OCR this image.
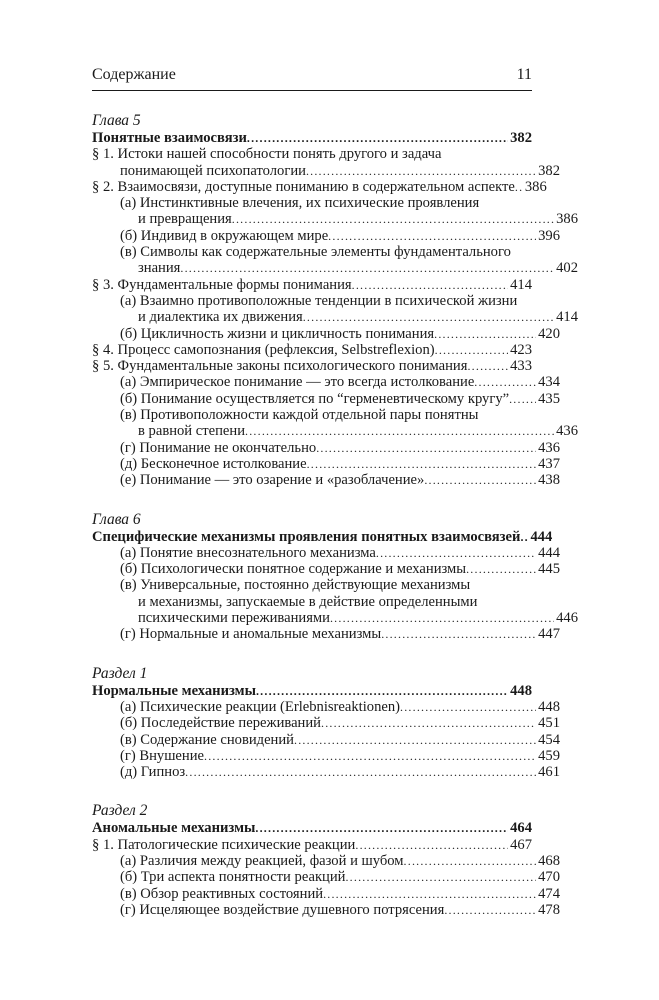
Содержание	11
Глава 5
Понятные взаимосвязи .....	382
§ 1. Истоки нашей способности понять другого и задача
понимающей психопатологии .....	382
§ 2. Взаимосвязи, доступные пониманию в содержательном аспекте ..... 386
(а) Инстинктивные влечения, их психические проявления
и превращения .....	386
(б) Индивид в окружающем мире .....	396
(в) Символы как содержательные элементы фундаментального
знания .....	402
§ 3. Фундаментальные формы понимания .....	414
(а) Взаимно противоположные тенденции в психической жизни
и диалектика их движения .....	414
(б) Цикличность жизни и цикличность понимания .....	420
§ 4. Процесс самопознания (рефлексия, Selbstreflexion) .....	423
§ 5. Фундаментальные законы психологического понимания .....	433
(а) Эмпирическое понимание — это всегда истолкование .....	434
(б) Понимание осуществляется по “герменевтическому кругу” ..... 435
(в) Противоположности каждой отдельной пары понятны
в равной степени .....	436
(г) Понимание не окончательно .....	436
(д) Бесконечное истолкование .....	437
(е) Понимание — это озарение и «разоблачение» .....	438
Глава 6
Специфические механизмы проявления понятных взаимосвязей ..... 444
(а) Понятие внесознательного механизма .....	444
(б) Психологически понятное содержание и механизмы .....	445
(в) Универсальные, постоянно действующие механизмы
и механизмы, запускаемые в действие определенными
психическими переживаниями .....	446
(г) Нормальные и аномальные механизмы .....	447
Раздел 1
Нормальные механизмы .....	448
(а) Психические реакции (Erlebnisreaktionen) .....	448
(б) Последействие переживаний .....	451
(в) Содержание сновидений .....	454
(г) Внушение .....	459
(д) Гипноз .....	461
Раздел 2
Аномальные механизмы .....	464
§ 1. Патологические психические реакции .....	467
(а) Различия между реакцией, фазой и шубом .....	468
(б) Три аспекта понятности реакций .....	470
(в) Обзор реактивных состояний .....	474
(г) Исцеляющее воздействие душевного потрясения .....	478
